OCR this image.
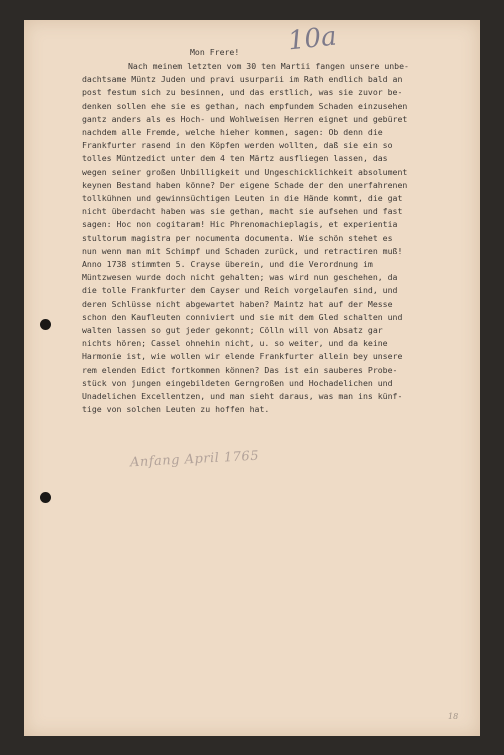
10a
Mon Frere!
Nach meinem letzten vom 30 ten Martii fangen unsere unbe-
dachtsame Müntz Juden und pravi usurparii im Rath endlich bald an
post festum sich zu besinnen, und das erstlich, was sie zuvor be-
denken sollen ehe sie es gethan, nach empfundem Schaden einzusehen
gantz anders als es Hoch- und Wohlweisen Herren eignet und gebüret
nachdem alle Fremde, welche hieher kommen, sagen: Ob denn die
Frankfurter rasend in den Köpfen werden wollten, daß sie ein so
tolles Müntzedict unter dem 4 ten Märtz ausfliegen lassen, das
wegen seiner großen Unbilligkeit und Ungeschicklichkeit absolument
keynen Bestand haben könne? Der eigene Schade der den unerfahrenen
tollkühnen und gewinnsüchtigen Leuten in die Hände kommt, die gat
nicht überdacht haben was sie gethan, macht sie aufsehen und fast
sagen: Hoc non cogitaram! Hic Phrenomachieplagis, et experientia
stultorum magistra per nocumenta documenta. Wie schön stehet es
nun wenn man mit Schimpf und Schaden zurück, und retractiren muß!
Anno 1738 stimmten 5. Crayse überein, und die Verordnung im
Müntzwesen wurde doch nicht gehalten; was wird nun geschehen, da
die tolle Frankfurter dem Cayser und Reich vorgelaufen sind, und
deren Schlüsse nicht abgewartet haben? Maintz hat auf der Messe
schon den Kaufleuten conniviert und sie mit dem Gled schalten und
walten lassen so gut jeder gekonnt; Cölln will von Absatz gar
nichts hören; Cassel ohnehin nicht, u. so weiter, und da keine
Harmonie ist, wie wollen wir elende Frankfurter allein bey unsere
rem elenden Edict fortkommen können? Das ist ein sauberes Probe-
stück von jungen eingebildeten Gerngroßen und Hochadelichen und
Unadelichen Excellentzen, und man sieht daraus, was man ins künf-
tige von solchen Leuten zu hoffen hat.
Anfang April 1765
18
